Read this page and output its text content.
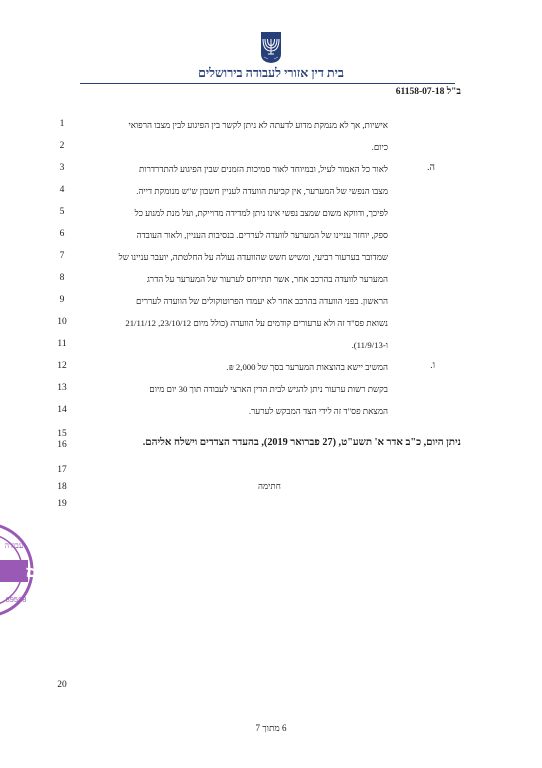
בית דין אזורי לעבודה בירושלים
ב"ל 61158-07-18
1
2
3
4
5
6
7
8
9
10
11
12
13
14
15
16
17
18
19
20
ה.
ו.
אישיות, אך לא מנמקת מדוע לדעתה לא ניתן לקשר בין הפיגוע לבין מצבו הרפואי
כיום.
לאור כל האמור לעיל, ובמיוחד לאור סמיכות הזמנים שבין הפיגוע להתדרדרות
מצבו הנפשי של המערער, אין קביעת הוועדה לעניין חשבון ש"ש מנומקת דייה.
לפיכך, ודווקא משום שמצב נפשי אינו ניתן למדידה מדוייקת, ועל מנת למנוע כל
ספק, יוחזר עניינו של המערער לוועדה לעררים. בנסיבות העניין, ולאור העובדה
שמדובר בערעור רביעי, ומשיש חשש שהוועדה נעולה על החלטתה, יועבר עניינו של
המערער לוועדה בהרכב אחר, אשר תתייחס לערעור של המערער על הדרג
הראשון. בפני הוועדה בהרכב אחר לא יעמדו הפרוטוקולים של הוועדה לעררים
נשואת פס"ד זה ולא ערעורים קודמים על הוועדה (כולל מיום 23/10/12, 21/11/12
ו-11/9/13).
המשיב יישא בהוצאות המערער בסך של 2,000 ₪.
בקשת רשות ערעור ניתן להגיש לבית הדין הארצי לעבודה תוך 30 יום מיום
המצאת פס"ד זה לידי הצד המבקש לערער.
ניתן היום, כ"ב אדר א' תשע"ט, (27 פברואר 2019), בהעדר הצדדים וישלח אליהם.
חתימה
מן למ
עבודה
89588
6 מתוך 7
